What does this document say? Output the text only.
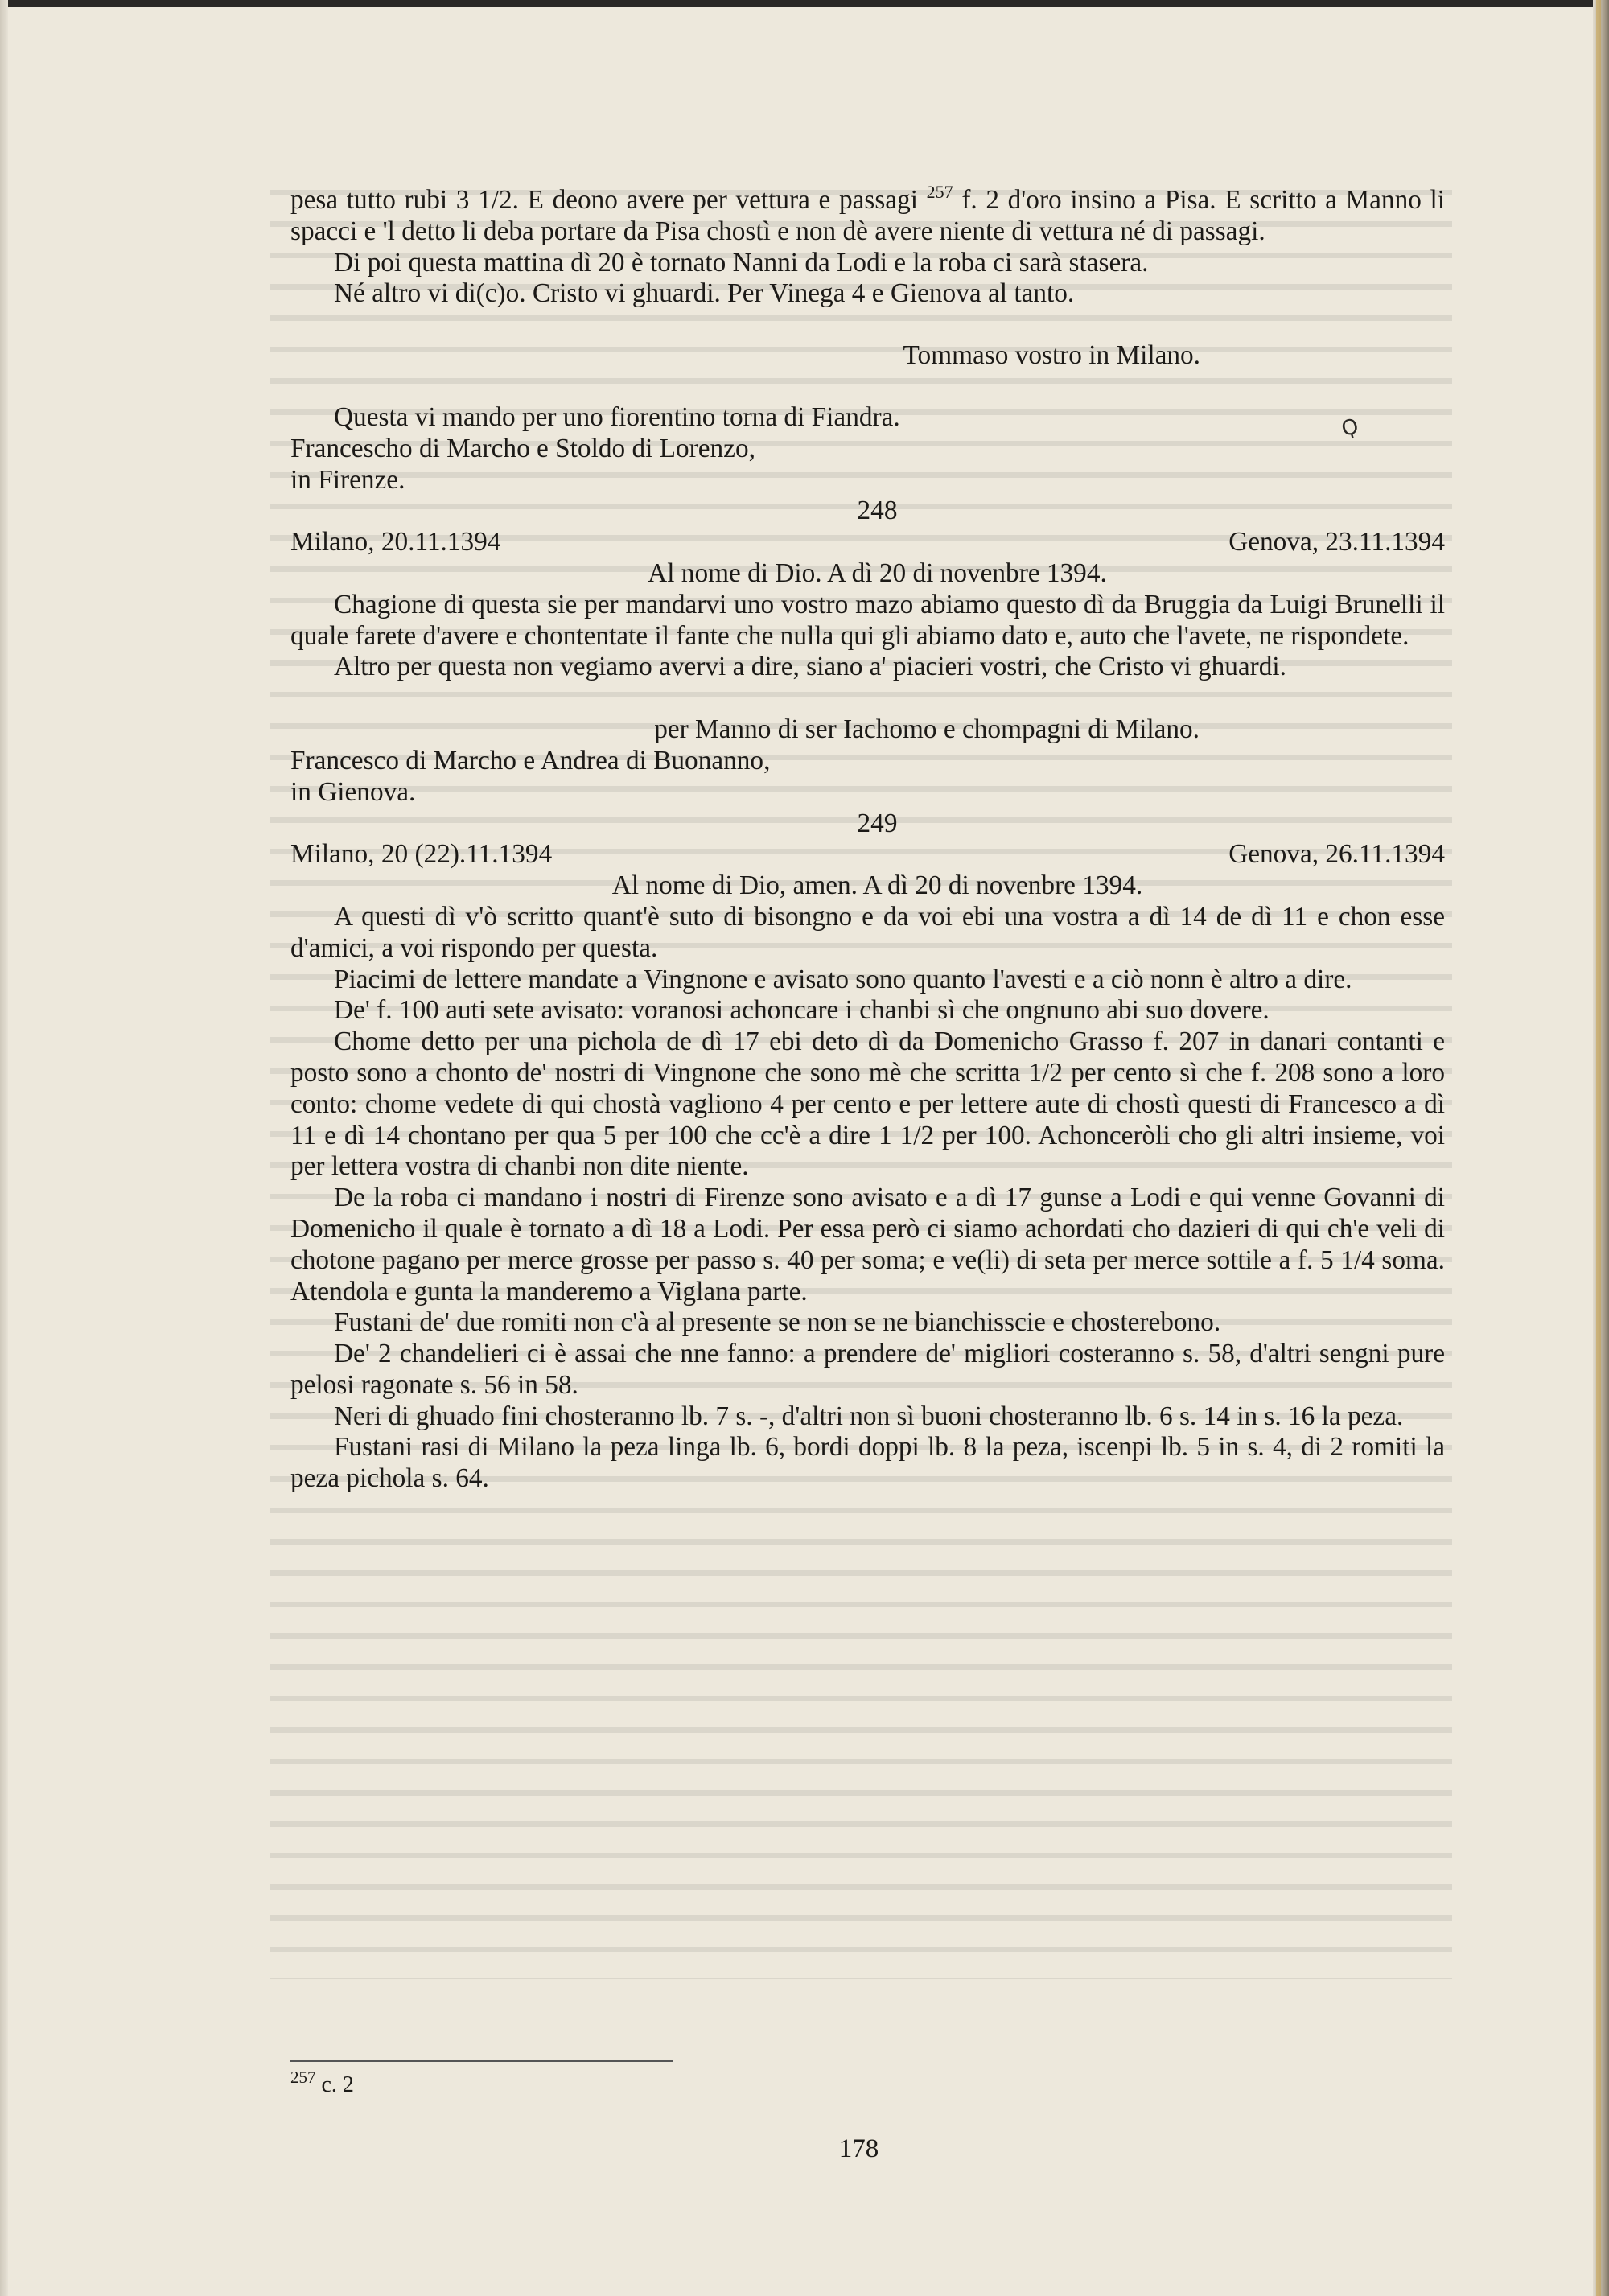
pesa tutto rubi 3 1/2. E deono avere per vettura e passagi $^{257}$ f. 2 d'oro insino a Pisa. E scritto a Manno li spacci e 'l detto li deba portare da Pisa chostì e non dè avere niente di vettura né di passagi.

Di poi questa mattina dì 20 è tornato Nanni da Lodi e la roba ci sarà stasera.

Né altro vi di(c)o. Cristo vi ghuardi. Per Vinega 4 e Gienova al tanto.

Tommaso vostro in Milano.

Questa vi mando per uno fiorentino torna di Fiandra.

Francescho di Marcho e Stoldo di Lorenzo,

in Firenze.

248

Milano, 20.11.1394	Genova, 23.11.1394

Al nome di Dio. A dì 20 di novenbre 1394.

Chagione di questa sie per mandarvi uno vostro mazo abiamo questo dì da Bruggia da Luigi Brunelli il quale farete d'avere e chontentate il fante che nulla qui gli abiamo dato e, auto che l'avete, ne rispondete.

Altro per questa non vegiamo avervi a dire, siano a' piacieri vostri, che Cristo vi ghuardi.

per Manno di ser Iachomo e chompagni di Milano.

Francesco di Marcho e Andrea di Buonanno,

in Gienova.

249

Milano, 20 (22).11.1394	Genova, 26.11.1394

Al nome di Dio, amen. A dì 20 di novenbre 1394.

A questi dì v'ò scritto quant'è suto di bisongno e da voi ebi una vostra a dì 14 de dì 11 e chon esse d'amici, a voi rispondo per questa.

Piacimi de lettere mandate a Vingnone e avisato sono quanto l'avesti e a ciò nonn è altro a dire.

De' f. 100 auti sete avisato: voranosi achoncare i chanbi sì che ongnuno abi suo dovere.

Chome detto per una pichola de dì 17 ebi deto dì da Domenicho Grasso f. 207 in danari contanti e posto sono a chonto de' nostri di Vingnone che sono mè che scritta 1/2 per cento sì che f. 208 sono a loro conto: chome vedete di qui chostà vagliono 4 per cento e per lettere aute di chostì questi di Francesco a dì 11 e dì 14 chontano per qua 5 per 100 che cc'è a dire 1 1/2 per 100. Achonceròli cho gli altri insieme, voi per lettera vostra di chanbi non dite niente.

De la roba ci mandano i nostri di Firenze sono avisato e a dì 17 gunse a Lodi e qui venne Govanni di Domenicho il quale è tornato a dì 18 a Lodi. Per essa però ci siamo achordati cho dazieri di qui ch'e veli di chotone pagano per merce grosse per passo s. 40 per soma; e ve(li) di seta per merce sottile a f. 5 1/4 soma. Atendola e gunta la manderemo a Viglana parte.

Fustani de' due romiti non c'à al presente se non se ne bianchisscie e chosterebono.

De' 2 chandelieri ci è assai che nne fanno: a prendere de' migliori costeranno s. 58, d'altri sengni pure pelosi ragonate s. 56 in 58.

Neri di ghuado fini chosteranno lb. 7 s. -, d'altri non sì buoni chosteranno lb. 6 s. 14 in s. 16 la peza.

Fustani rasi di Milano la peza linga lb. 6, bordi doppi lb. 8 la peza, iscenpi lb. 5 in s. 4, di 2 romiti la peza pichola s. 64.

Ϙ
$^{257}$ c. 2
178
